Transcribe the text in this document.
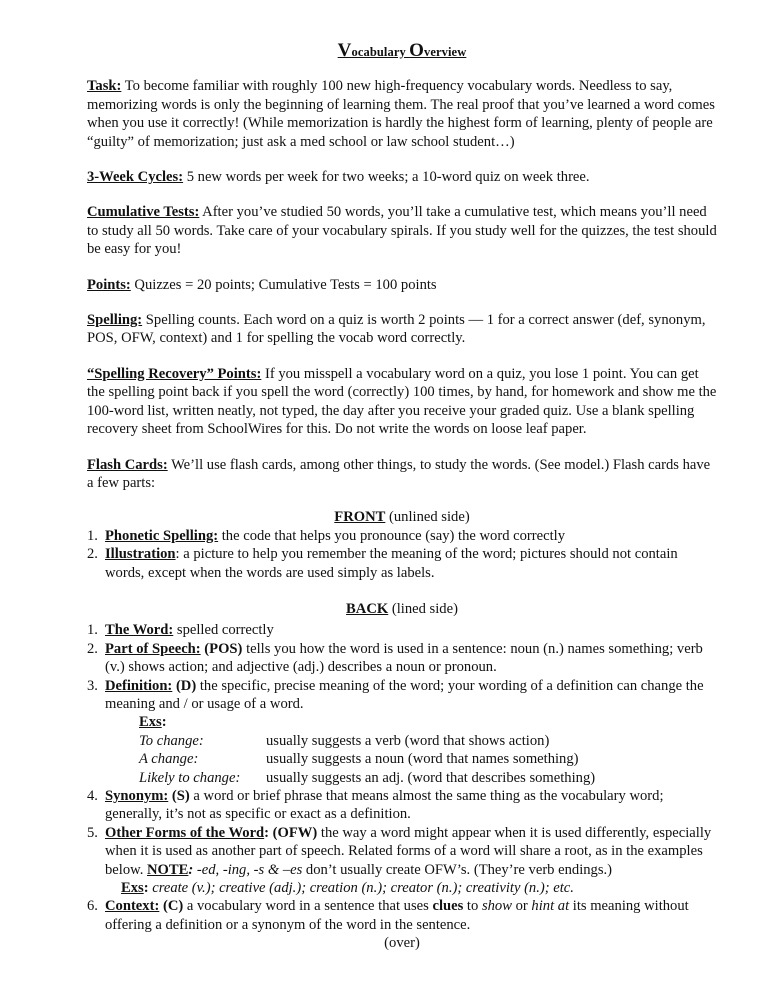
Vocabulary Overview

Task: To become familiar with roughly 100 new high-frequency vocabulary words. Needless to say, memorizing words is only the beginning of learning them. The real proof that you’ve learned a word comes when you use it correctly! (While memorization is hardly the highest form of learning, plenty of people are “guilty” of memorization; just ask a med school or law school student…)

3-Week Cycles: 5 new words per week for two weeks; a 10-word quiz on week three.

Cumulative Tests: After you’ve studied 50 words, you’ll take a cumulative test, which means you’ll need to study all 50 words. Take care of your vocabulary spirals. If you study well for the quizzes, the test should be easy for you!

Points: Quizzes = 20 points; Cumulative Tests = 100 points

Spelling: Spelling counts. Each word on a quiz is worth 2 points — 1 for a correct answer (def, synonym, POS, OFW, context) and 1 for spelling the vocab word correctly.

“Spelling Recovery” Points: If you misspell a vocabulary word on a quiz, you lose 1 point. You can get the spelling point back if you spell the word (correctly) 100 times, by hand, for homework and show me the 100-word list, written neatly, not typed, the day after you receive your graded quiz. Use a blank spelling recovery sheet from SchoolWires for this. Do not write the words on loose leaf paper.

Flash Cards: We’ll use flash cards, among other things, to study the words. (See model.) Flash cards have a few parts:

FRONT (unlined side)

1. Phonetic Spelling: the code that helps you pronounce (say) the word correctly
2. Illustration: a picture to help you remember the meaning of the word; pictures should not contain words, except when the words are used simply as labels.

BACK (lined side)

1. The Word: spelled correctly
2. Part of Speech: (POS) tells you how the word is used in a sentence: noun (n.) names something; verb (v.) shows action; and adjective (adj.) describes a noun or pronoun.
3. Definition: (D) the specific, precise meaning of the word; your wording of a definition can change the meaning and / or usage of a word.
Exs:
To change:	usually suggests a verb (word that shows action)
A change:	usually suggests a noun (word that names something)
Likely to change:	usually suggests an adj. (word that describes something)
4. Synonym: (S) a word or brief phrase that means almost the same thing as the vocabulary word; generally, it’s not as specific or exact as a definition.
5. Other Forms of the Word: (OFW) the way a word might appear when it is used differently, especially when it is used as another part of speech. Related forms of a word will share a root, as in the examples below. NOTE: -ed, -ing, -s & –es don’t usually create OFW’s. (They’re verb endings.)
Exs: create (v.); creative (adj.); creation (n.); creator (n.); creativity (n.); etc.
6. Context: (C) a vocabulary word in a sentence that uses clues to show or hint at its meaning without offering a definition or a synonym of the word in the sentence.
(over)
